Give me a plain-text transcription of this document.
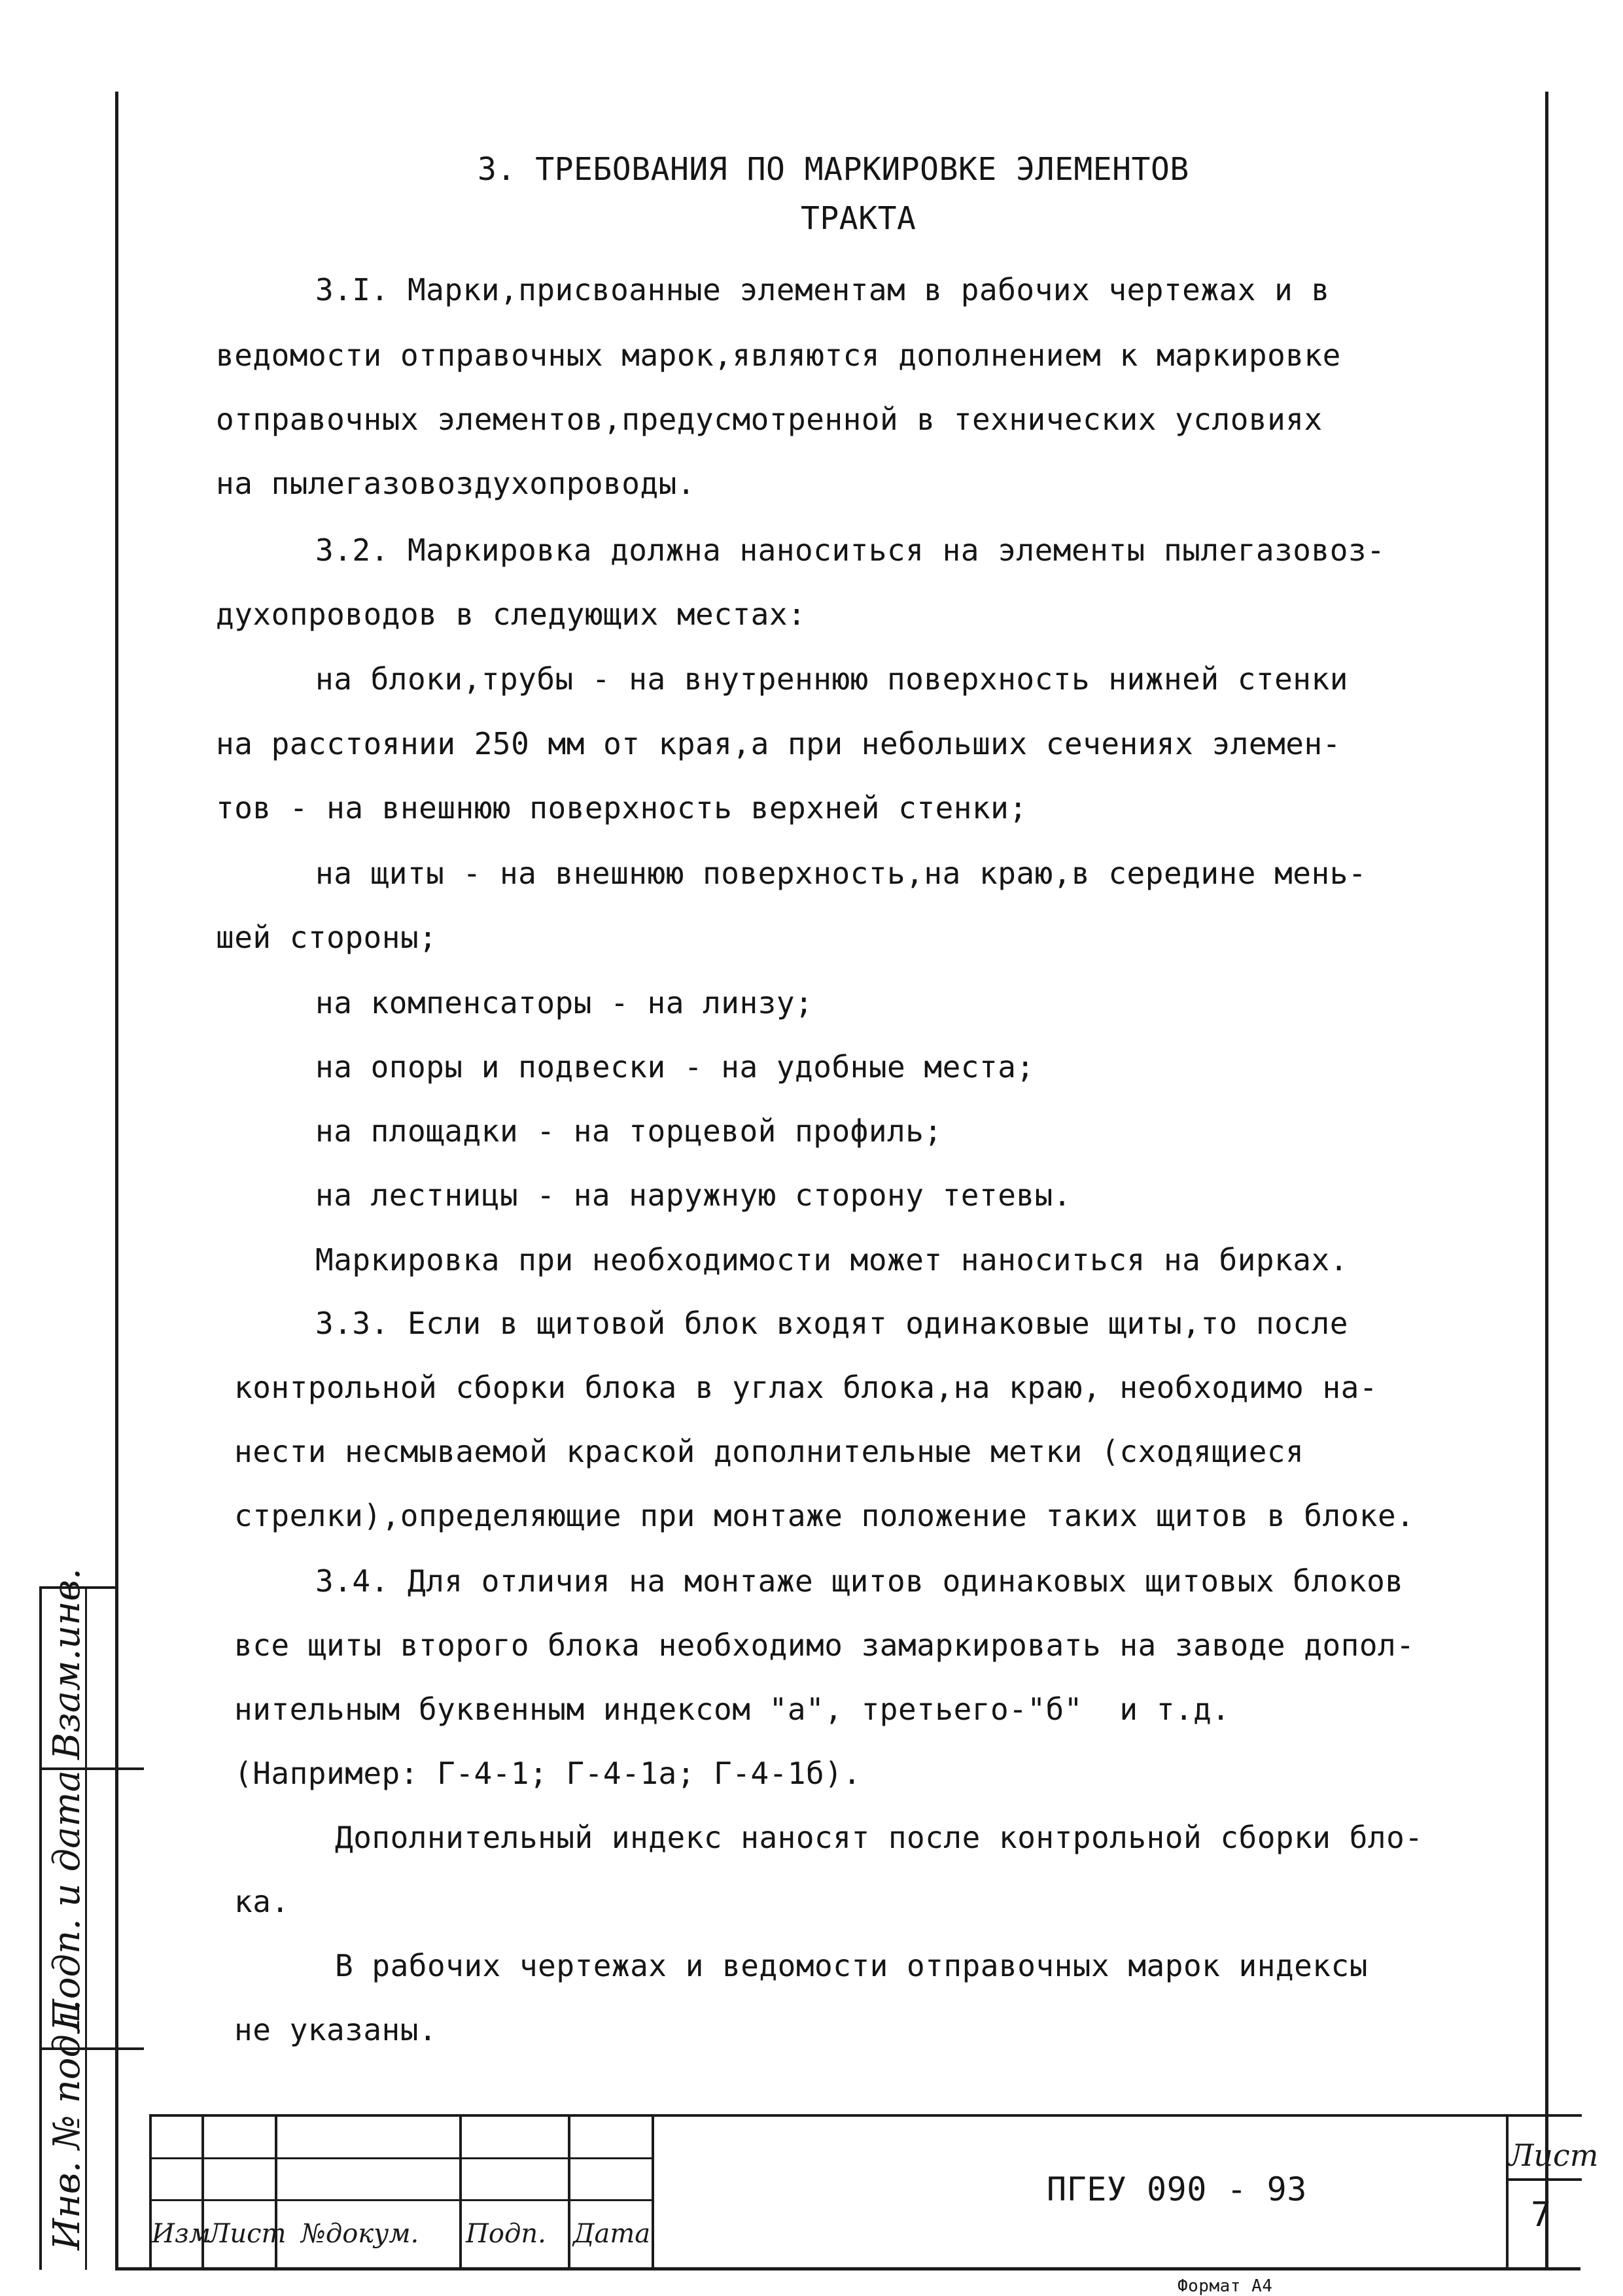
3. ТРЕБОВАНИЯ ПО МАРКИРОВКЕ ЭЛЕМЕНТОВ
ТРАКТА
3.I. Марки,присвоанные элементам в рабочих чертежах и в
ведомости отправочных марок,являются дополнением к маркировке
отправочных элементов,предусмотренной в технических условиях
на пылегазовоздухопроводы.
3.2. Маркировка должна наноситься на элементы пылегазовоз-
духопроводов в следующих местах:
на блоки,трубы - на внутреннюю поверхность нижней стенки
на расстоянии 250 мм от края,а при небольших сечениях элемен-
тов - на внешнюю поверхность верхней стенки;
на щиты - на внешнюю поверхность,на краю,в середине мень-
шей стороны;
на компенсаторы - на линзу;
на опоры и подвески - на удобные места;
на площадки - на торцевой профиль;
на лестницы - на наружную сторону тетевы.
Маркировка при необходимости может наноситься на бирках.
3.3. Если в щитовой блок входят одинаковые щиты,то после
контрольной сборки блока в углах блока,на краю, необходимо на-
нести несмываемой краской дополнительные метки (сходящиеся
стрелки),определяющие при монтаже положение таких щитов в блоке.
3.4. Для отличия на монтаже щитов одинаковых щитовых блоков
все щиты второго блока необходимо замаркировать на заводе допол-
нительным буквенным индексом "а", третьего-"б"  и т.д.
(Например: Г-4-1; Г-4-1а; Г-4-1б).
Дополнительный индекс наносят после контрольной сборки бло-
ка.
В рабочих чертежах и ведомости отправочных марок индексы
не указаны.
Инв. № подл.
Подп. и дата
Взам.инв.
Изм
Лист №докум. Подп. Дата
ПГЕУ 090 - 93
Лист
7
Формат А4
